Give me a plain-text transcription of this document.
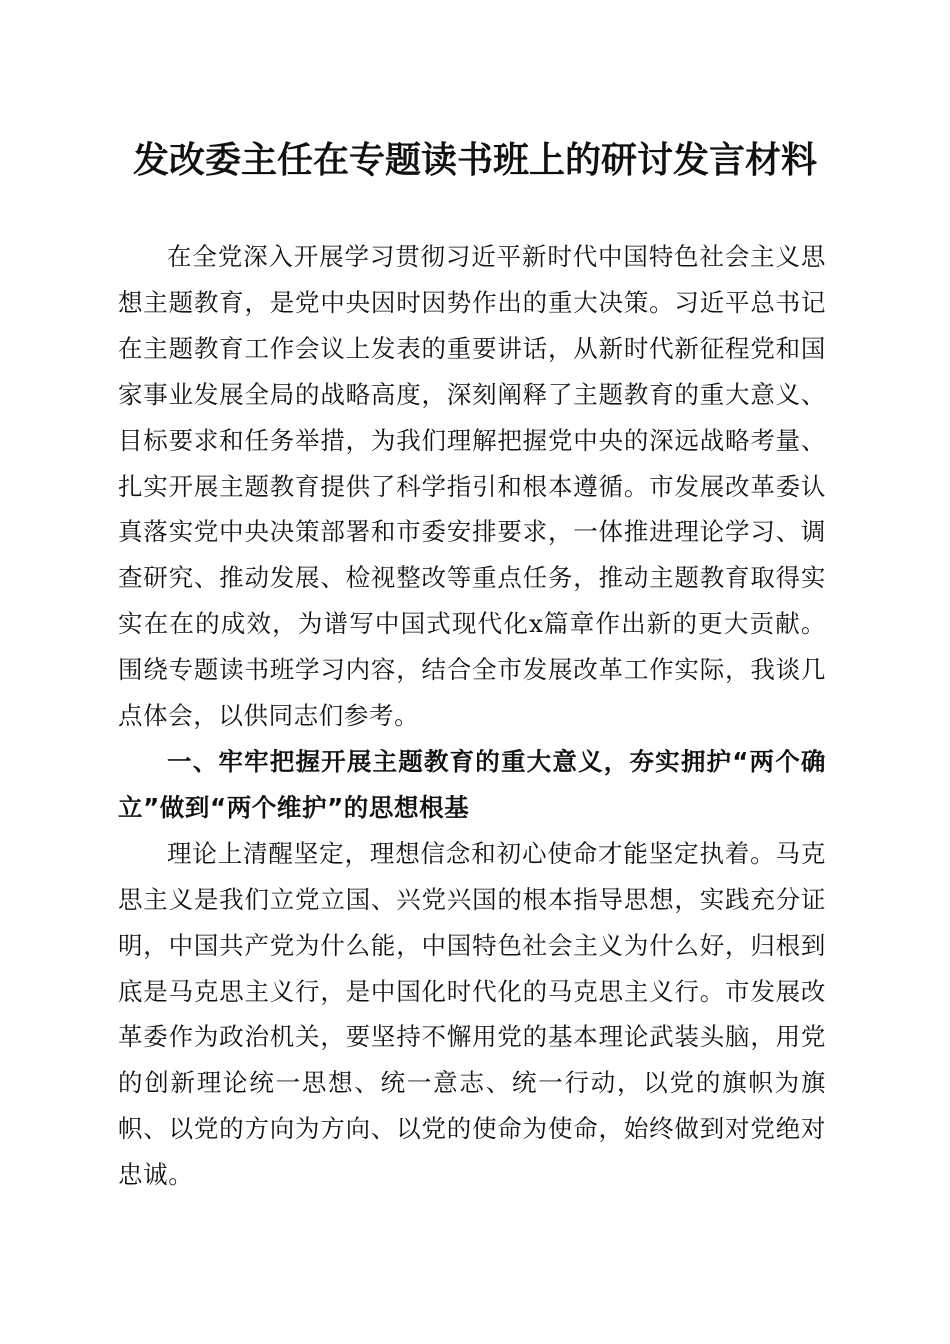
发改委主任在专题读书班上的研讨发言材料

在全党深入开展学习贯彻习近平新时代中国特色社会主义思想主题教育，是党中央因时因势作出的重大决策。习近平总书记在主题教育工作会议上发表的重要讲话，从新时代新征程党和国家事业发展全局的战略高度，深刻阐释了主题教育的重大意义、目标要求和任务举措，为我们理解把握党中央的深远战略考量、扎实开展主题教育提供了科学指引和根本遵循。市发展改革委认真落实党中央决策部署和市委安排要求，一体推进理论学习、调查研究、推动发展、检视整改等重点任务，推动主题教育取得实实在在的成效，为谱写中国式现代化x篇章作出新的更大贡献。围绕专题读书班学习内容，结合全市发展改革工作实际，我谈几点体会，以供同志们参考。

一、牢牢把握开展主题教育的重大意义，夯实拥护“两个确立”做到“两个维护”的思想根基

理论上清醒坚定，理想信念和初心使命才能坚定执着。马克思主义是我们立党立国、兴党兴国的根本指导思想，实践充分证明，中国共产党为什么能，中国特色社会主义为什么好，归根到底是马克思主义行，是中国化时代化的马克思主义行。市发展改革委作为政治机关，要坚持不懈用党的基本理论武装头脑，用党的创新理论统一思想、统一意志、统一行动，以党的旗帜为旗帜、以党的方向为方向、以党的使命为使命，始终做到对党绝对忠诚。
